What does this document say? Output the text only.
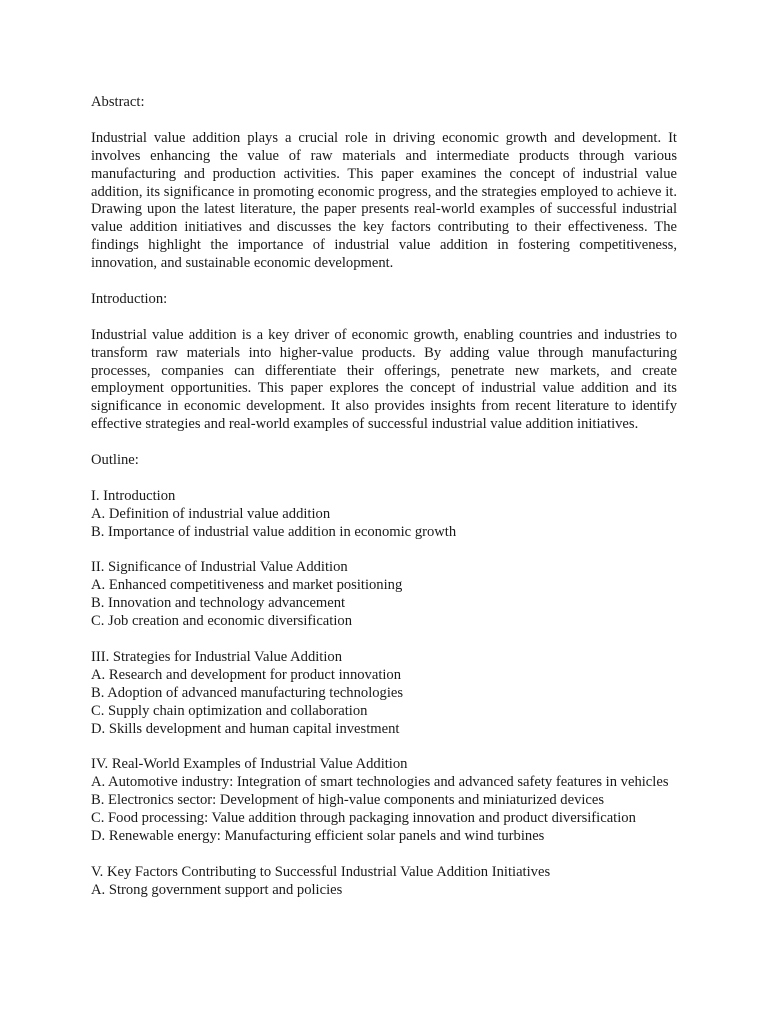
Abstract:

Industrial value addition plays a crucial role in driving economic growth and development. It involves enhancing the value of raw materials and intermediate products through various manufacturing and production activities. This paper examines the concept of industrial value addition, its significance in promoting economic progress, and the strategies employed to achieve it. Drawing upon the latest literature, the paper presents real-world examples of successful industrial value addition initiatives and discusses the key factors contributing to their effectiveness. The findings highlight the importance of industrial value addition in fostering competitiveness, innovation, and sustainable economic development.

Introduction:

Industrial value addition is a key driver of economic growth, enabling countries and industries to transform raw materials into higher-value products. By adding value through manufacturing processes, companies can differentiate their offerings, penetrate new markets, and create employment opportunities. This paper explores the concept of industrial value addition and its significance in economic development. It also provides insights from recent literature to identify effective strategies and real-world examples of successful industrial value addition initiatives.

Outline:

I. Introduction

A. Definition of industrial value addition

B. Importance of industrial value addition in economic growth

II. Significance of Industrial Value Addition

A. Enhanced competitiveness and market positioning

B. Innovation and technology advancement

C. Job creation and economic diversification

III. Strategies for Industrial Value Addition

A. Research and development for product innovation

B. Adoption of advanced manufacturing technologies

C. Supply chain optimization and collaboration

D. Skills development and human capital investment

IV. Real-World Examples of Industrial Value Addition

A. Automotive industry: Integration of smart technologies and advanced safety features in vehicles

B. Electronics sector: Development of high-value components and miniaturized devices

C. Food processing: Value addition through packaging innovation and product diversification

D. Renewable energy: Manufacturing efficient solar panels and wind turbines

V. Key Factors Contributing to Successful Industrial Value Addition Initiatives

A. Strong government support and policies
